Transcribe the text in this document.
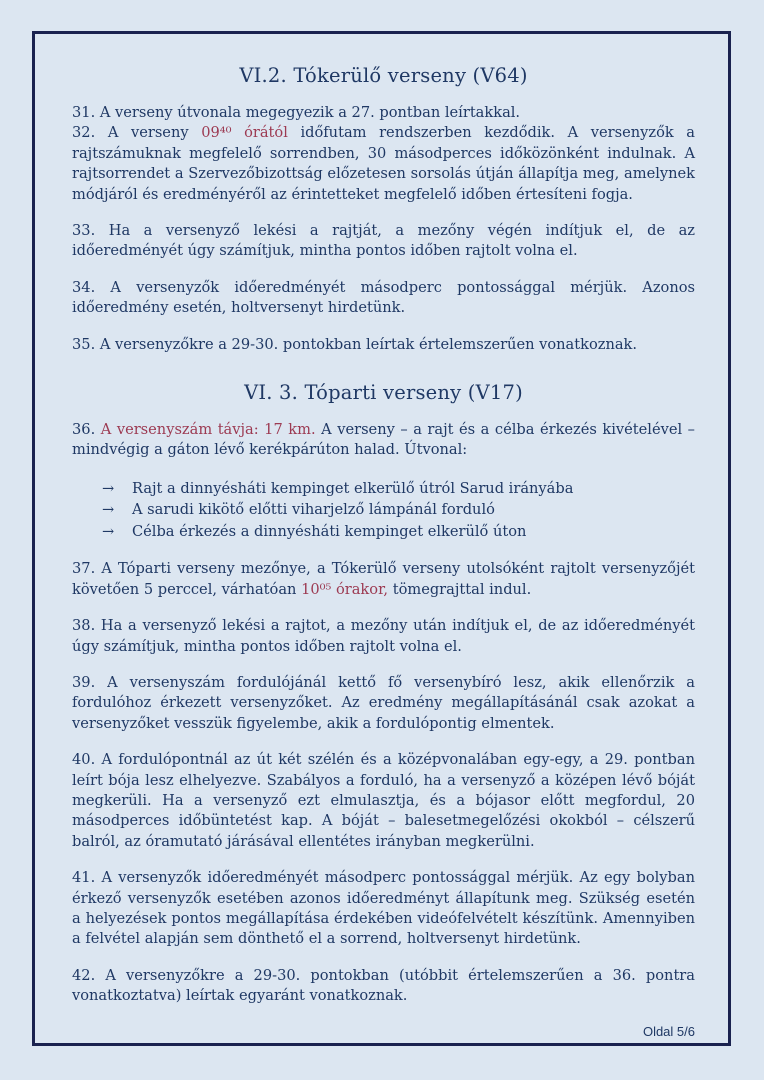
VI.2. Tókerülő verseny (V64)

31. A verseny útvonala megegyezik a 27. pontban leírtakkal.

32. A verseny 09⁴⁰ órától időfutam rendszerben kezdődik. A versenyzők a rajtszámuknak megfelelő sorrendben, 30 másodperces időközönként indulnak. A rajtsorrendet a Szervezőbizottság előzetesen sorsolás útján állapítja meg, amelynek módjáról és eredményéről az érintetteket megfelelő időben értesíteni fogja.

33. Ha a versenyző lekési a rajtját, a mezőny végén indítjuk el, de az időeredményét úgy számítjuk, mintha pontos időben rajtolt volna el.

34. A versenyzők időeredményét másodperc pontossággal mérjük. Azonos időeredmény esetén, holtversenyt hirdetünk.

35. A versenyzőkre a 29-30. pontokban leírtak értelemszerűen vonatkoznak.

VI. 3. Tóparti verseny (V17)

36. A versenyszám távja: 17 km. A verseny – a rajt és a célba érkezés kivételével – mindvégig a gáton lévő kerékpárúton halad. Útvonal:

→	Rajt a dinnyésháti kempinget elkerülő útról Sarud irányába
→	A sarudi kikötő előtti viharjelző lámpánál forduló
→	Célba érkezés a dinnyésháti kempinget elkerülő úton

37. A Tóparti verseny mezőnye, a Tókerülő verseny utolsóként rajtolt versenyzőjét követően 5 perccel, várhatóan 10⁰⁵ órakor, tömegrajttal indul.

38. Ha a versenyző lekési a rajtot, a mezőny után indítjuk el, de az időeredményét úgy számítjuk, mintha pontos időben rajtolt volna el.

39. A versenyszám fordulójánál kettő fő versenybíró lesz, akik ellenőrzik a fordulóhoz érkezett versenyzőket. Az eredmény megállapításánál csak azokat a versenyzőket vesszük figyelembe, akik a fordulópontig elmentek.

40. A fordulópontnál az út két szélén és a középvonalában egy-egy, a 29. pontban leírt bója lesz elhelyezve. Szabályos a forduló, ha a versenyző a középen lévő bóját megkerüli. Ha a versenyző ezt elmulasztja, és a bójasor előtt megfordul, 20 másodperces időbüntetést kap. A bóját – balesetmegelőzési okokból – célszerű balról, az óramutató járásával ellentétes irányban megkerülni.

41. A versenyzők időeredményét másodperc pontossággal mérjük. Az egy bolyban érkező versenyzők esetében azonos időeredményt állapítunk meg. Szükség esetén a helyezések pontos megállapítása érdekében videófelvételt készítünk. Amennyiben a felvétel alapján sem dönthető el a sorrend, holtversenyt hirdetünk.

42. A versenyzőkre a 29-30. pontokban (utóbbit értelemszerűen a 36. pontra vonatkoztatva) leírtak egyaránt vonatkoznak.

Oldal 5/6
